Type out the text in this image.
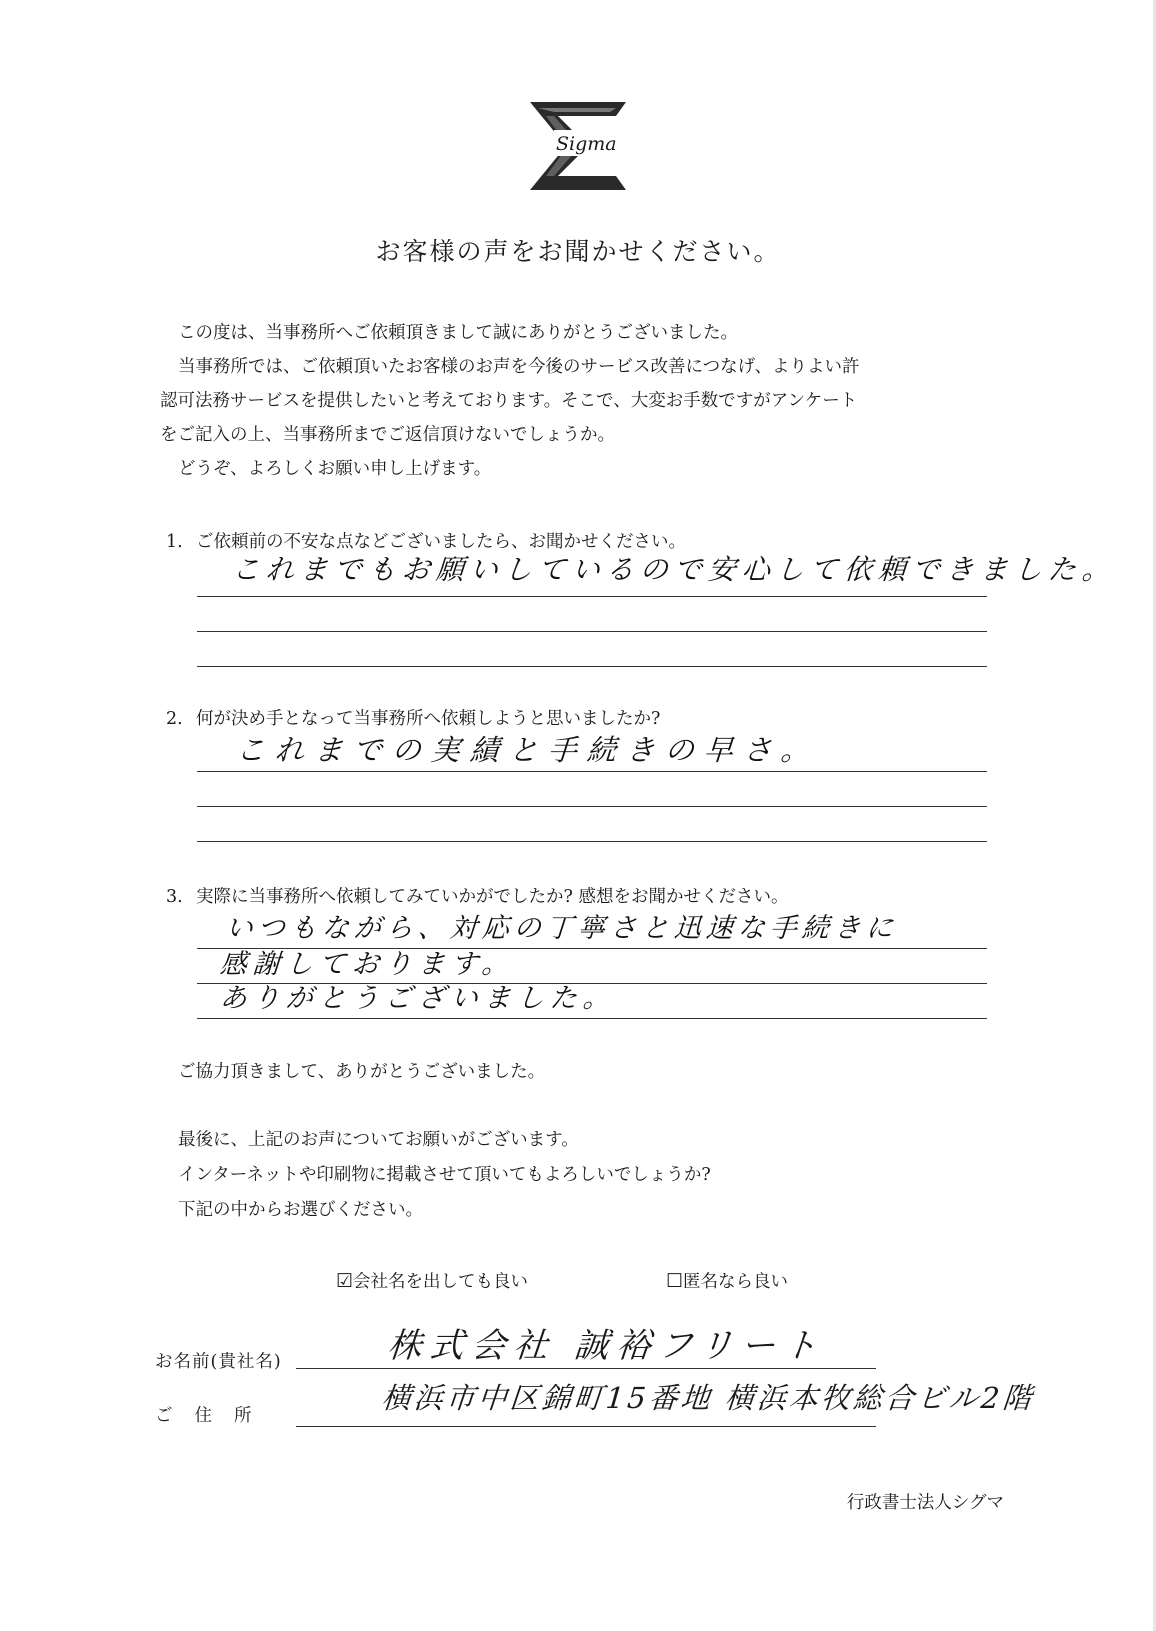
Sigma
お客様の声をお聞かせください。

この度は、当事務所へご依頼頂きまして誠にありがとうございました。

当事務所では、ご依頼頂いたお客様のお声を今後のサービス改善につなげ、よりよい許

認可法務サービスを提供したいと考えております。そこで、大変お手数ですがアンケート

をご記入の上、当事務所までご返信頂けないでしょうか。

どうぞ、よろしくお願い申し上げます。

1. ご依頼前の不安な点などございましたら、お聞かせください。
これまでもお願いしているので安心して依頼できました。
2. 何が決め手となって当事務所へ依頼しようと思いましたか?
これまでの実績と手続きの早さ。
3. 実際に当事務所へ依頼してみていかがでしたか? 感想をお聞かせください。
いつもながら、対応の丁寧さと迅速な手続きに
感謝しております。
ありがとうございました。
ご協力頂きまして、ありがとうございました。
最後に、上記のお声についてお願いがございます。
インターネットや印刷物に掲載させて頂いてもよろしいでしょうか?
下記の中からお選びください。
☑会社名を出しても良い	☐匿名なら良い
お名前(貴社名)	株式会社 誠裕フリート
ご住所
横浜市中区錦町15番地 横浜本牧総合ビル2階
行政書士法人シグマ
